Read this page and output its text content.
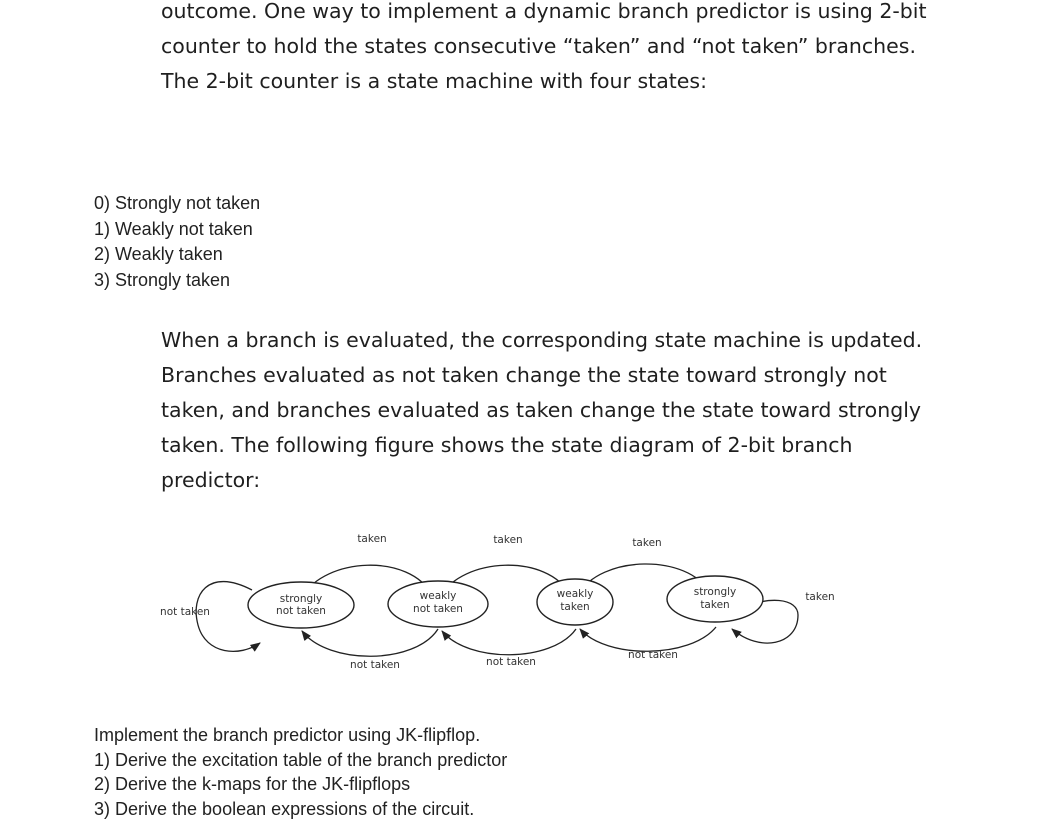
outcome. One way to implement a dynamic branch predictor is using 2-bit
counter to hold the states consecutive “taken” and “not taken” branches.
The 2-bit counter is a state machine with four states:
0) Strongly not taken
1) Weakly not taken
2) Weakly taken
3) Strongly taken
When a branch is evaluated, the corresponding state machine is updated.
Branches evaluated as not taken change the state toward strongly not
taken, and branches evaluated as taken change the state toward strongly
taken. The following figure shows the state diagram of 2-bit branch
predictor:
strongly
not taken
weakly
not taken
weakly
taken
strongly
taken
taken	taken	taken
not taken	not taken
not taken
not taken
taken
Implement the branch predictor using JK-flipflop.
1) Derive the excitation table of the branch predictor
2) Derive the k-maps for the JK-flipflops
3) Derive the boolean expressions of the circuit.
